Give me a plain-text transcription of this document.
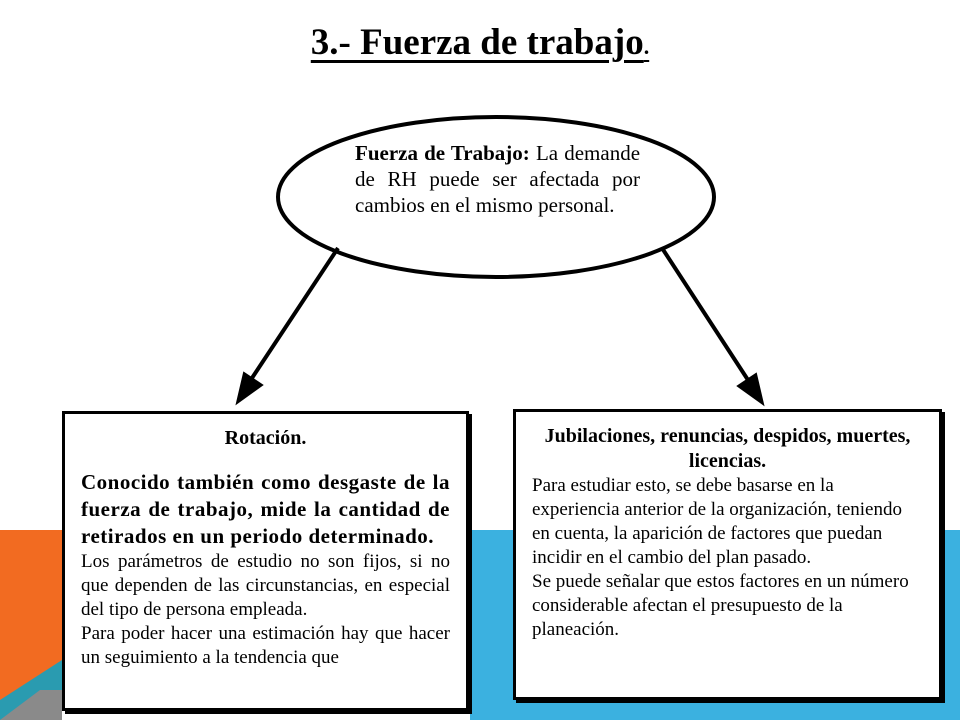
3.- Fuerza de trabajo.
Fuerza de Trabajo: La demande de RH puede ser afectada por cambios en el mismo personal.
Rotación.

Conocido también como desgaste de la fuerza de trabajo, mide la cantidad de retirados en un periodo determinado.

Los parámetros de estudio no son fijos, si no que dependen de las circunstancias, en especial del tipo de persona empleada.

Para poder hacer una estimación hay que hacer un seguimiento a la tendencia que

Jubilaciones, renuncias, despidos, muertes, licencias.

Para estudiar esto, se debe basarse en la experiencia anterior de la organización, teniendo en cuenta, la aparición de factores que puedan incidir en el cambio del plan pasado.

Se puede señalar que estos factores en un número considerable afectan el presupuesto de la planeación.
